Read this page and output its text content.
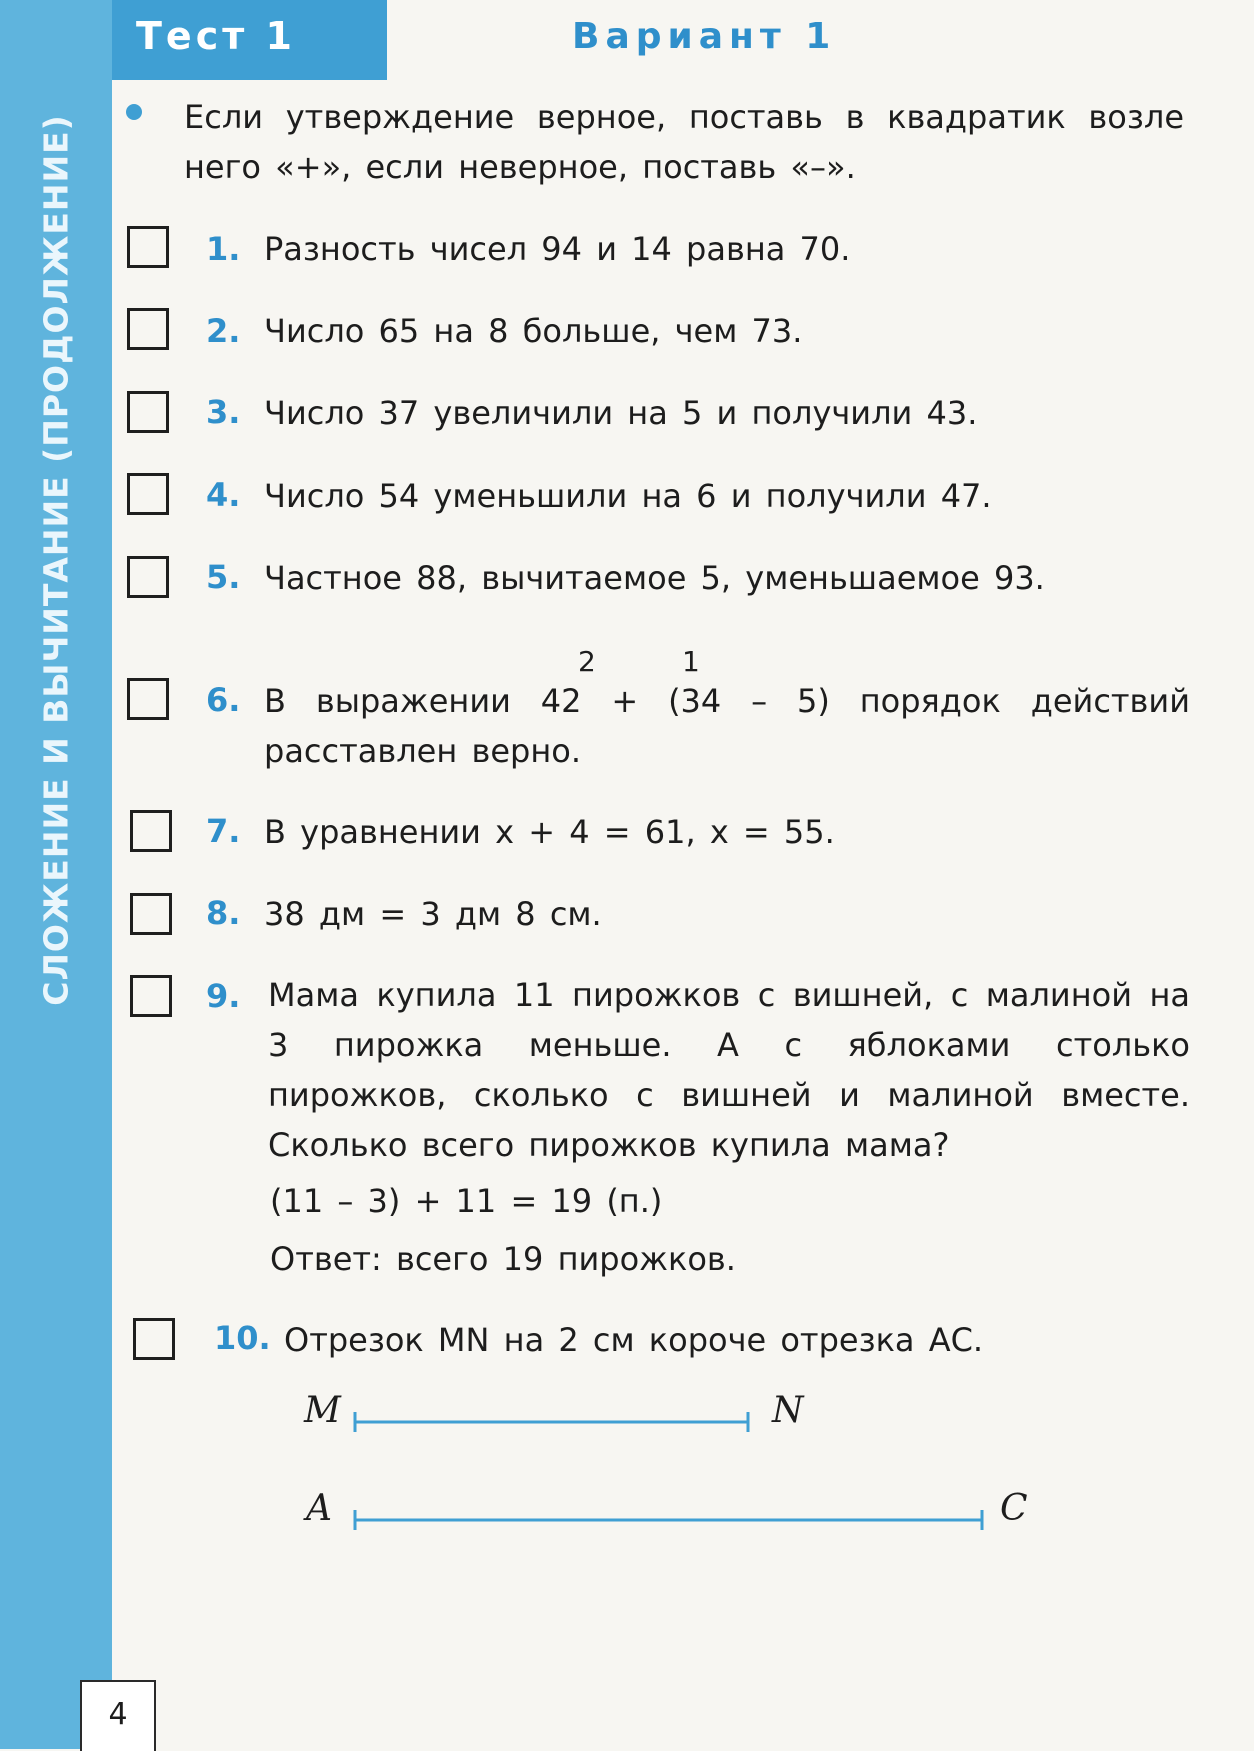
СЛОЖЕНИЕ И ВЫЧИТАНИЕ (ПРОДОЛЖЕНИЕ)
Тест 1	Вариант 1
Если утверждение верное, поставь в квадратик возле него «+», если неверное, поставь «–».
1. Разность чисел 94 и 14 равна 70.
2. Число 65 на 8 больше, чем 73.
3. Число 37 увеличили на 5 и получили 43.
4. Число 54 уменьшили на 6 и получили 47.
5. Частное 88, вычитаемое 5, уменьшаемое 93.
2	1
6. В выражении 42 + (34 – 5) порядок действий расставлен верно.
7. В уравнении x + 4 = 61, x = 55.
8. 38 дм = 3 дм 8 см.
9. Мама купила 11 пирожков с вишней, с малиной на 3 пирожка меньше. А с яблоками столько пирожков, сколько с вишней и малиной вместе. Сколько всего пирожков купила мама?
(11 – 3) + 11 = 19 (п.)
Ответ: всего 19 пирожков.
10. Отрезок MN на 2 см короче отрезка АС.
M	N
A	C
4
